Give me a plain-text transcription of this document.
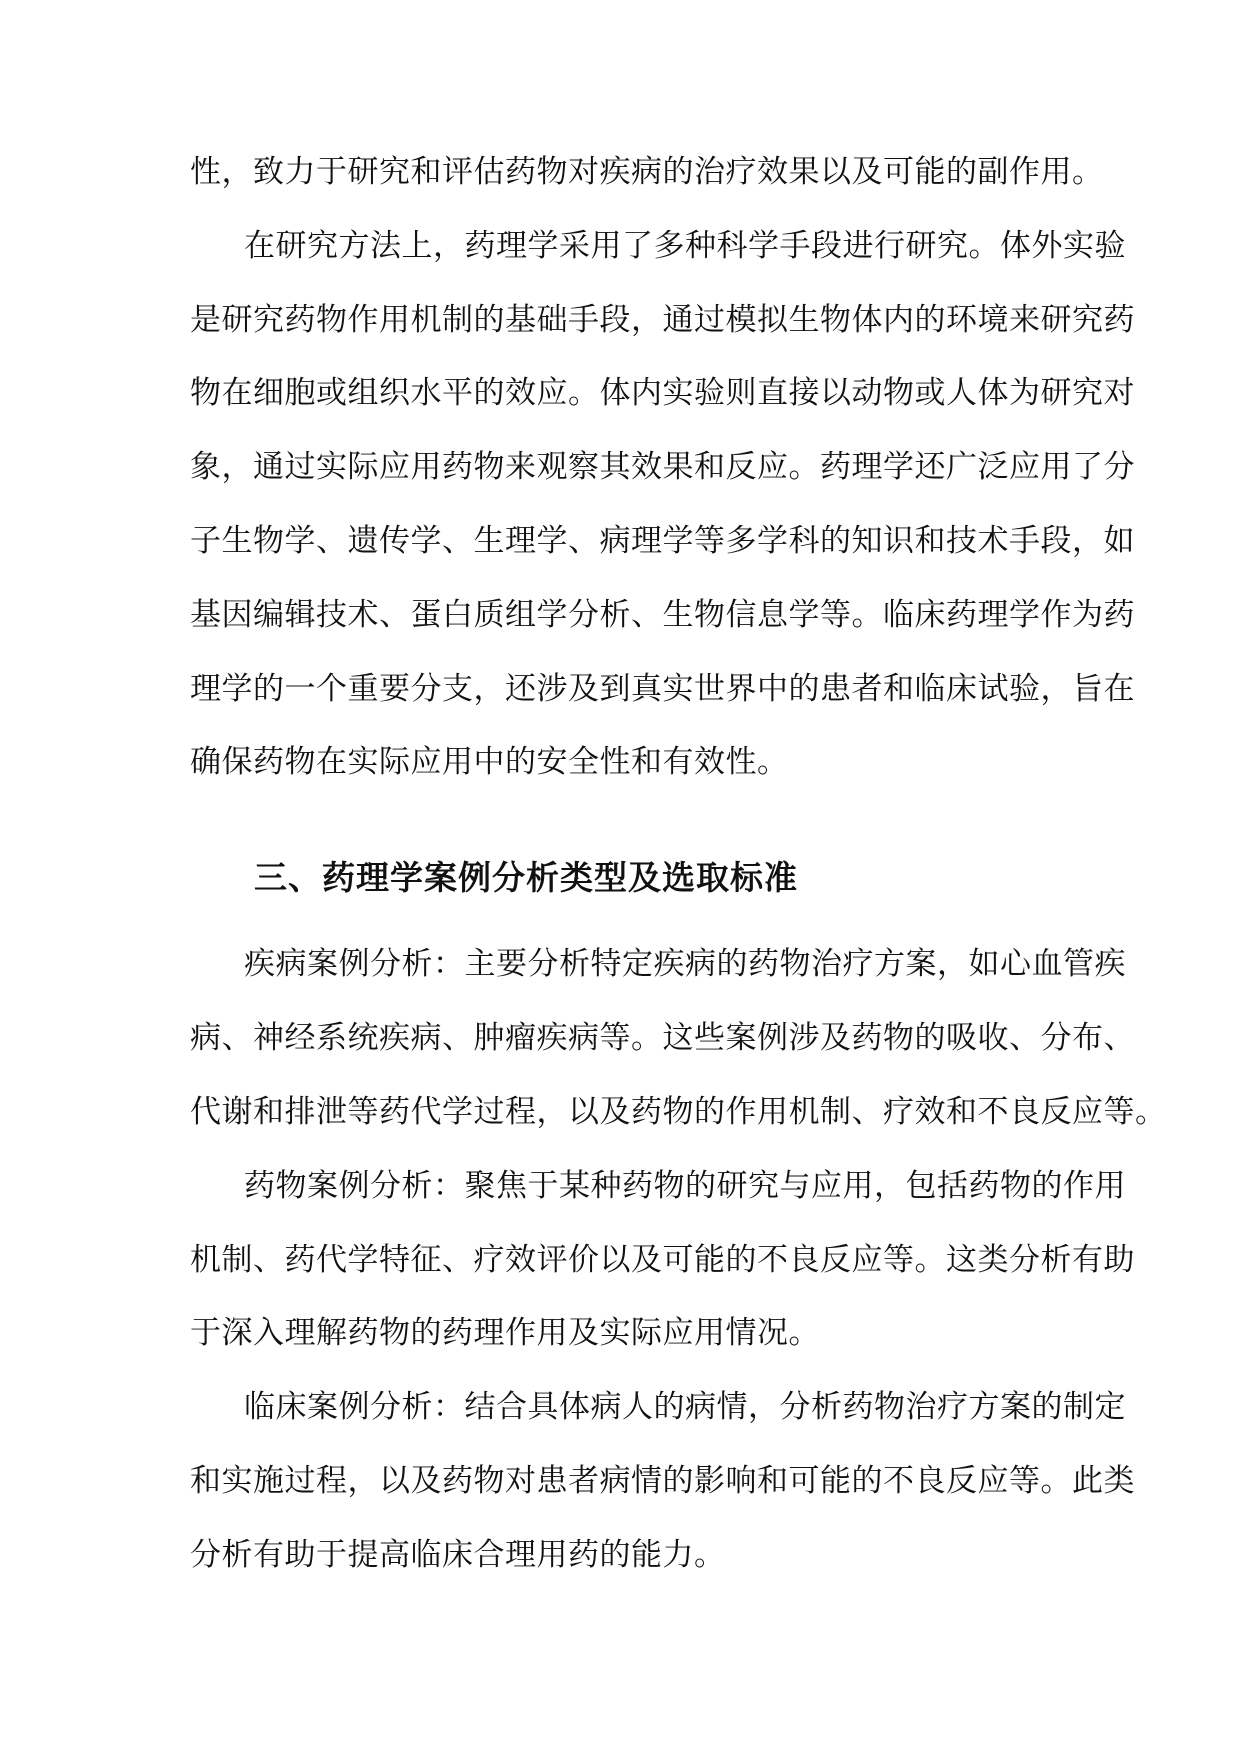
性，致力于研究和评估药物对疾病的治疗效果以及可能的副作用。
在研究方法上，药理学采用了多种科学手段进行研究。体外实验
是研究药物作用机制的基础手段，通过模拟生物体内的环境来研究药
物在细胞或组织水平的效应。体内实验则直接以动物或人体为研究对
象，通过实际应用药物来观察其效果和反应。药理学还广泛应用了分
子生物学、遗传学、生理学、病理学等多学科的知识和技术手段，如
基因编辑技术、蛋白质组学分析、生物信息学等。临床药理学作为药
理学的一个重要分支，还涉及到真实世界中的患者和临床试验，旨在
确保药物在实际应用中的安全性和有效性。
三、药理学案例分析类型及选取标准
疾病案例分析：主要分析特定疾病的药物治疗方案，如心血管疾
病、神经系统疾病、肿瘤疾病等。这些案例涉及药物的吸收、分布、
代谢和排泄等药代学过程，以及药物的作用机制、疗效和不良反应等。
药物案例分析：聚焦于某种药物的研究与应用，包括药物的作用
机制、药代学特征、疗效评价以及可能的不良反应等。这类分析有助
于深入理解药物的药理作用及实际应用情况。
临床案例分析：结合具体病人的病情，分析药物治疗方案的制定
和实施过程，以及药物对患者病情的影响和可能的不良反应等。此类
分析有助于提高临床合理用药的能力。
